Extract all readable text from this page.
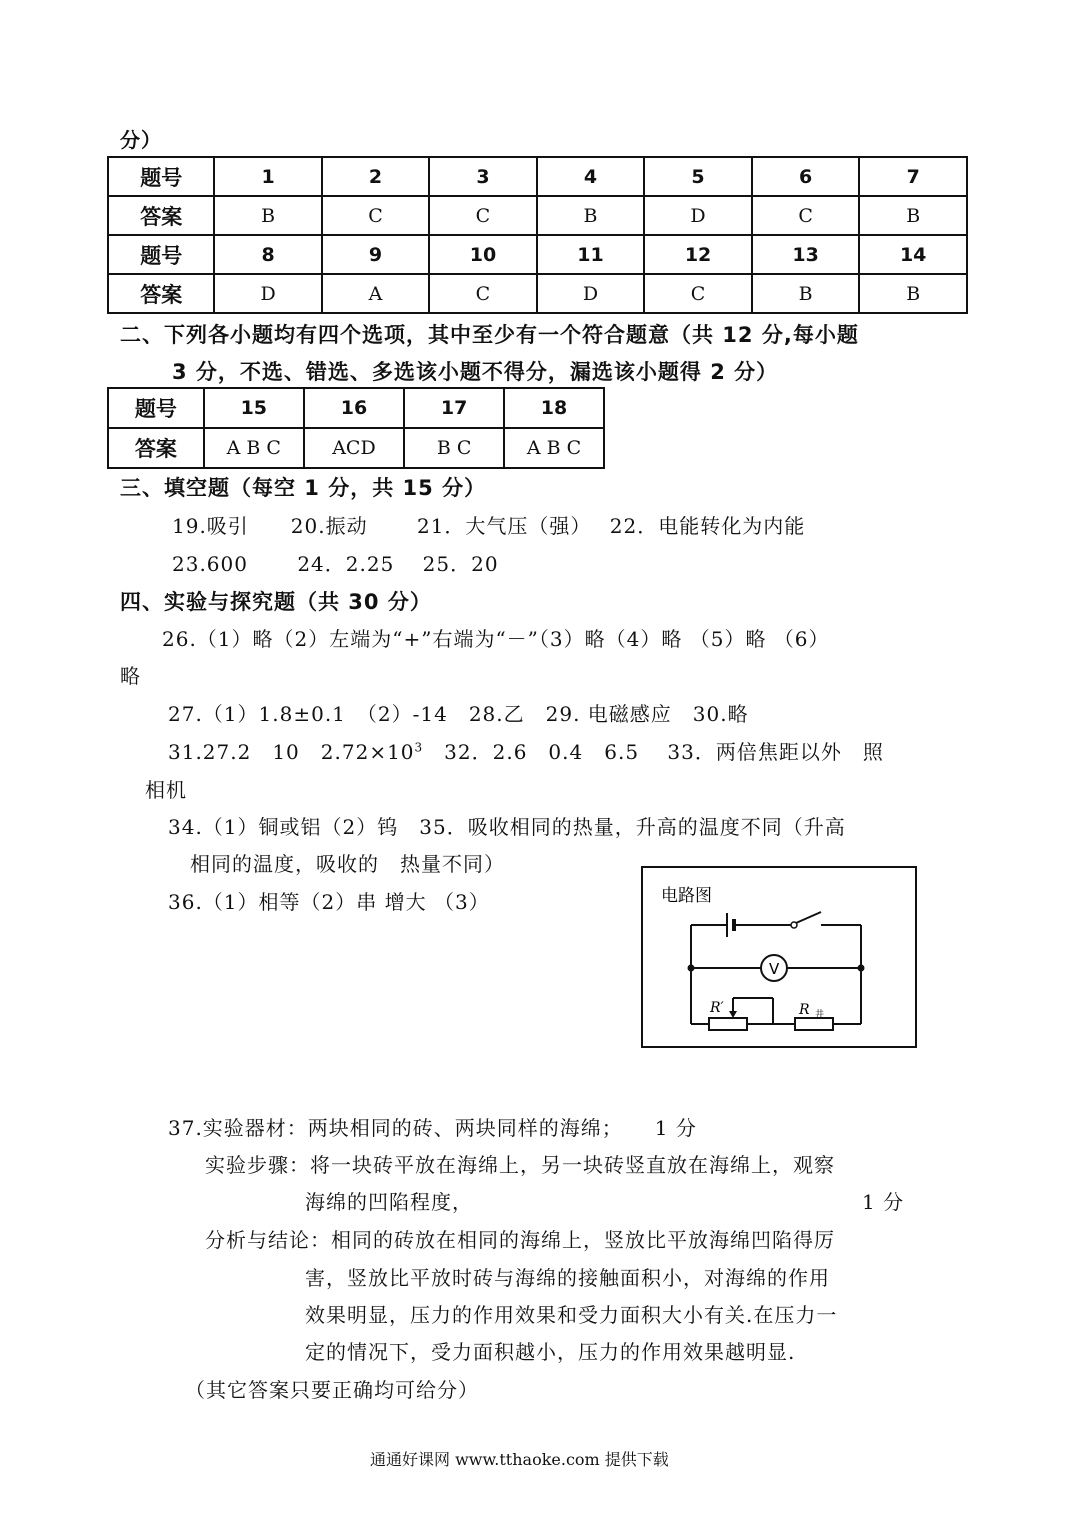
分）
题号	1	2	3	4	5	6	7
答案	B	C	C	B	D	C	B
题号	8	9	10	11	12	13	14
答案	D	A	C	D	C	B	B
二、下列各小题均有四个选项，其中至少有一个符合题意（共 12 分,每小题
3 分，不选、错选、多选该小题不得分，漏选该小题得 2 分）
题号	15	16	17	18
答案	A B C	ACD	B C	A B C
三、填空题（每空 1 分，共 15 分）
19.吸引　　20.振动　　 21．大气压（强）　 22．电能转化为内能
23.600　　 24．2.25　 25．20
四、实验与探究题（共 30 分）
26.（1）略（2）左端为“+”右端为“－”（3）略（4）略 （5）略 （6）
略
27.（1）1.8±0.1　（2）-14　28.乙　29. 电磁感应　30.略
31.27.2　10　$2.72\times 10^3$　32．2.6　0.4　6.5　 33．两倍焦距以外　照
相机
34.（1）铜或铝（2）钨　35．吸收相同的热量，升高的温度不同（升高
相同的温度，吸收的　热量不同）
36.（1）相等（2）串 增大 （3）	电路图
V
R′	R 井
37.实验器材：两块相同的砖、两块同样的海绵；　　1 分
实验步骤：将一块砖平放在海绵上，另一块砖竖直放在海绵上，观察
海绵的凹陷程度，	1 分
分析与结论：相同的砖放在相同的海绵上，竖放比平放海绵凹陷得厉
害，竖放比平放时砖与海绵的接触面积小，对海绵的作用
效果明显，压力的作用效果和受力面积大小有关.在压力一
定的情况下，受力面积越小，压力的作用效果越明显.
（其它答案只要正确均可给分）
通通好课网 www.tthaoke.com 提供下载
